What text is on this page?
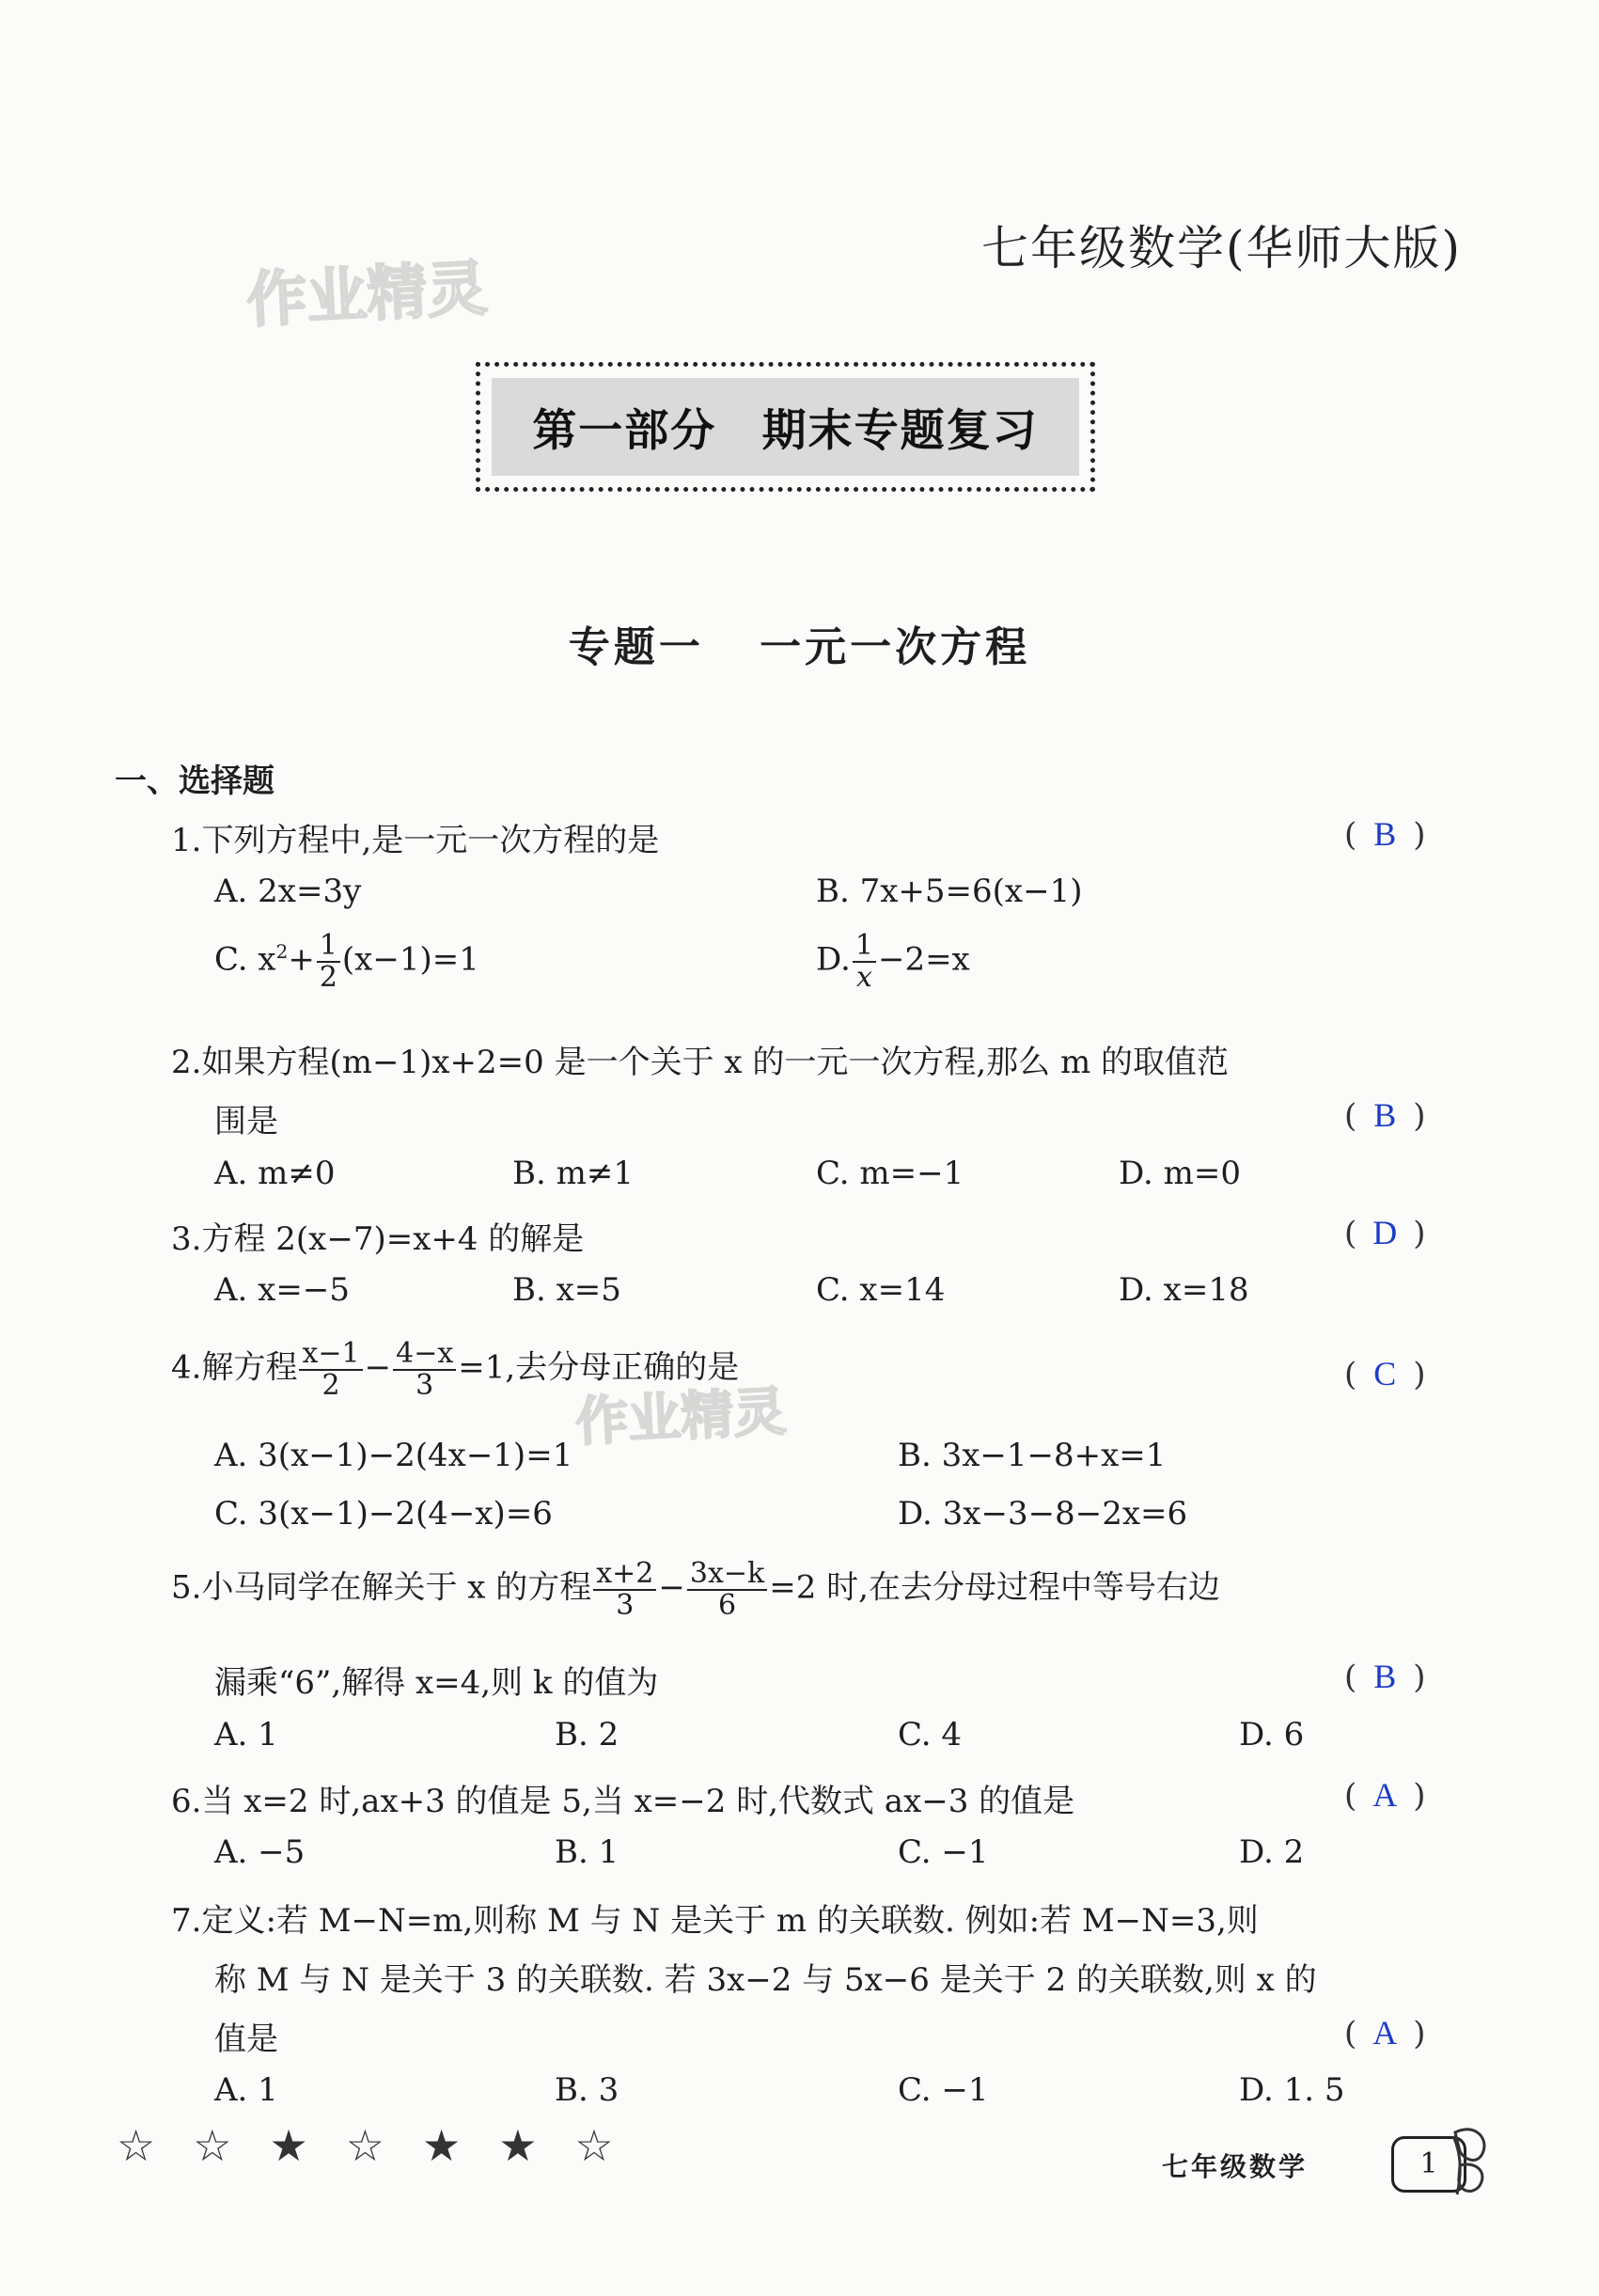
七年级数学(华师大版)
作业精灵
第一部分 期末专题复习
专题一 一元一次方程
一、选择题
1.下列方程中,是一元一次方程的是	( B )
A. 2x=3y	B. 7x+5=6(x−1)
C. $x^2+ \frac{1}{2} (x-1)=1$	D. $\frac{1}{x} -2=x$
2.如果方程(m−1)x+2=0 是一个关于 x 的一元一次方程,那么 m 的取值范
围是	( B )
A. m≠0	B. m≠1	C. m=−1	D. m=0
3.方程 2(x−7)=x+4 的解是	( D )
A. x=−5	B. x=5	C. x=14	D. x=18
4.解方程 $\frac{x-1}{2} - \frac{4-x}{3} =1$,去分母正确的是	( C )
作业精灵
A. 3(x−1)−2(4x−1)=1	B. 3x−1−8+x=1
C. 3(x−1)−2(4−x)=6	D. 3x−3−8−2x=6
5.小马同学在解关于 x 的方程 $\frac{x+2}{3} - \frac{3x-k}{6} =2$ 时,在去分母过程中等号右边
漏乘“6”,解得 x=4,则 k 的值为	( B )
A. 1	B. 2	C. 4	D. 6
6.当 x=2 时,ax+3 的值是 5,当 x=−2 时,代数式 ax−3 的值是	( A )
A. −5	B. 1	C. −1	D. 2
7.定义:若 M−N=m,则称 M 与 N 是关于 m 的关联数. 例如:若 M−N=3,则
称 M 与 N 是关于 3 的关联数. 若 3x−2 与 5x−6 是关于 2 的关联数,则 x 的
值是	( A )
A. 1	B. 3	C. −1	D. 1. 5
☆☆★☆★★☆	七年级数学	1
